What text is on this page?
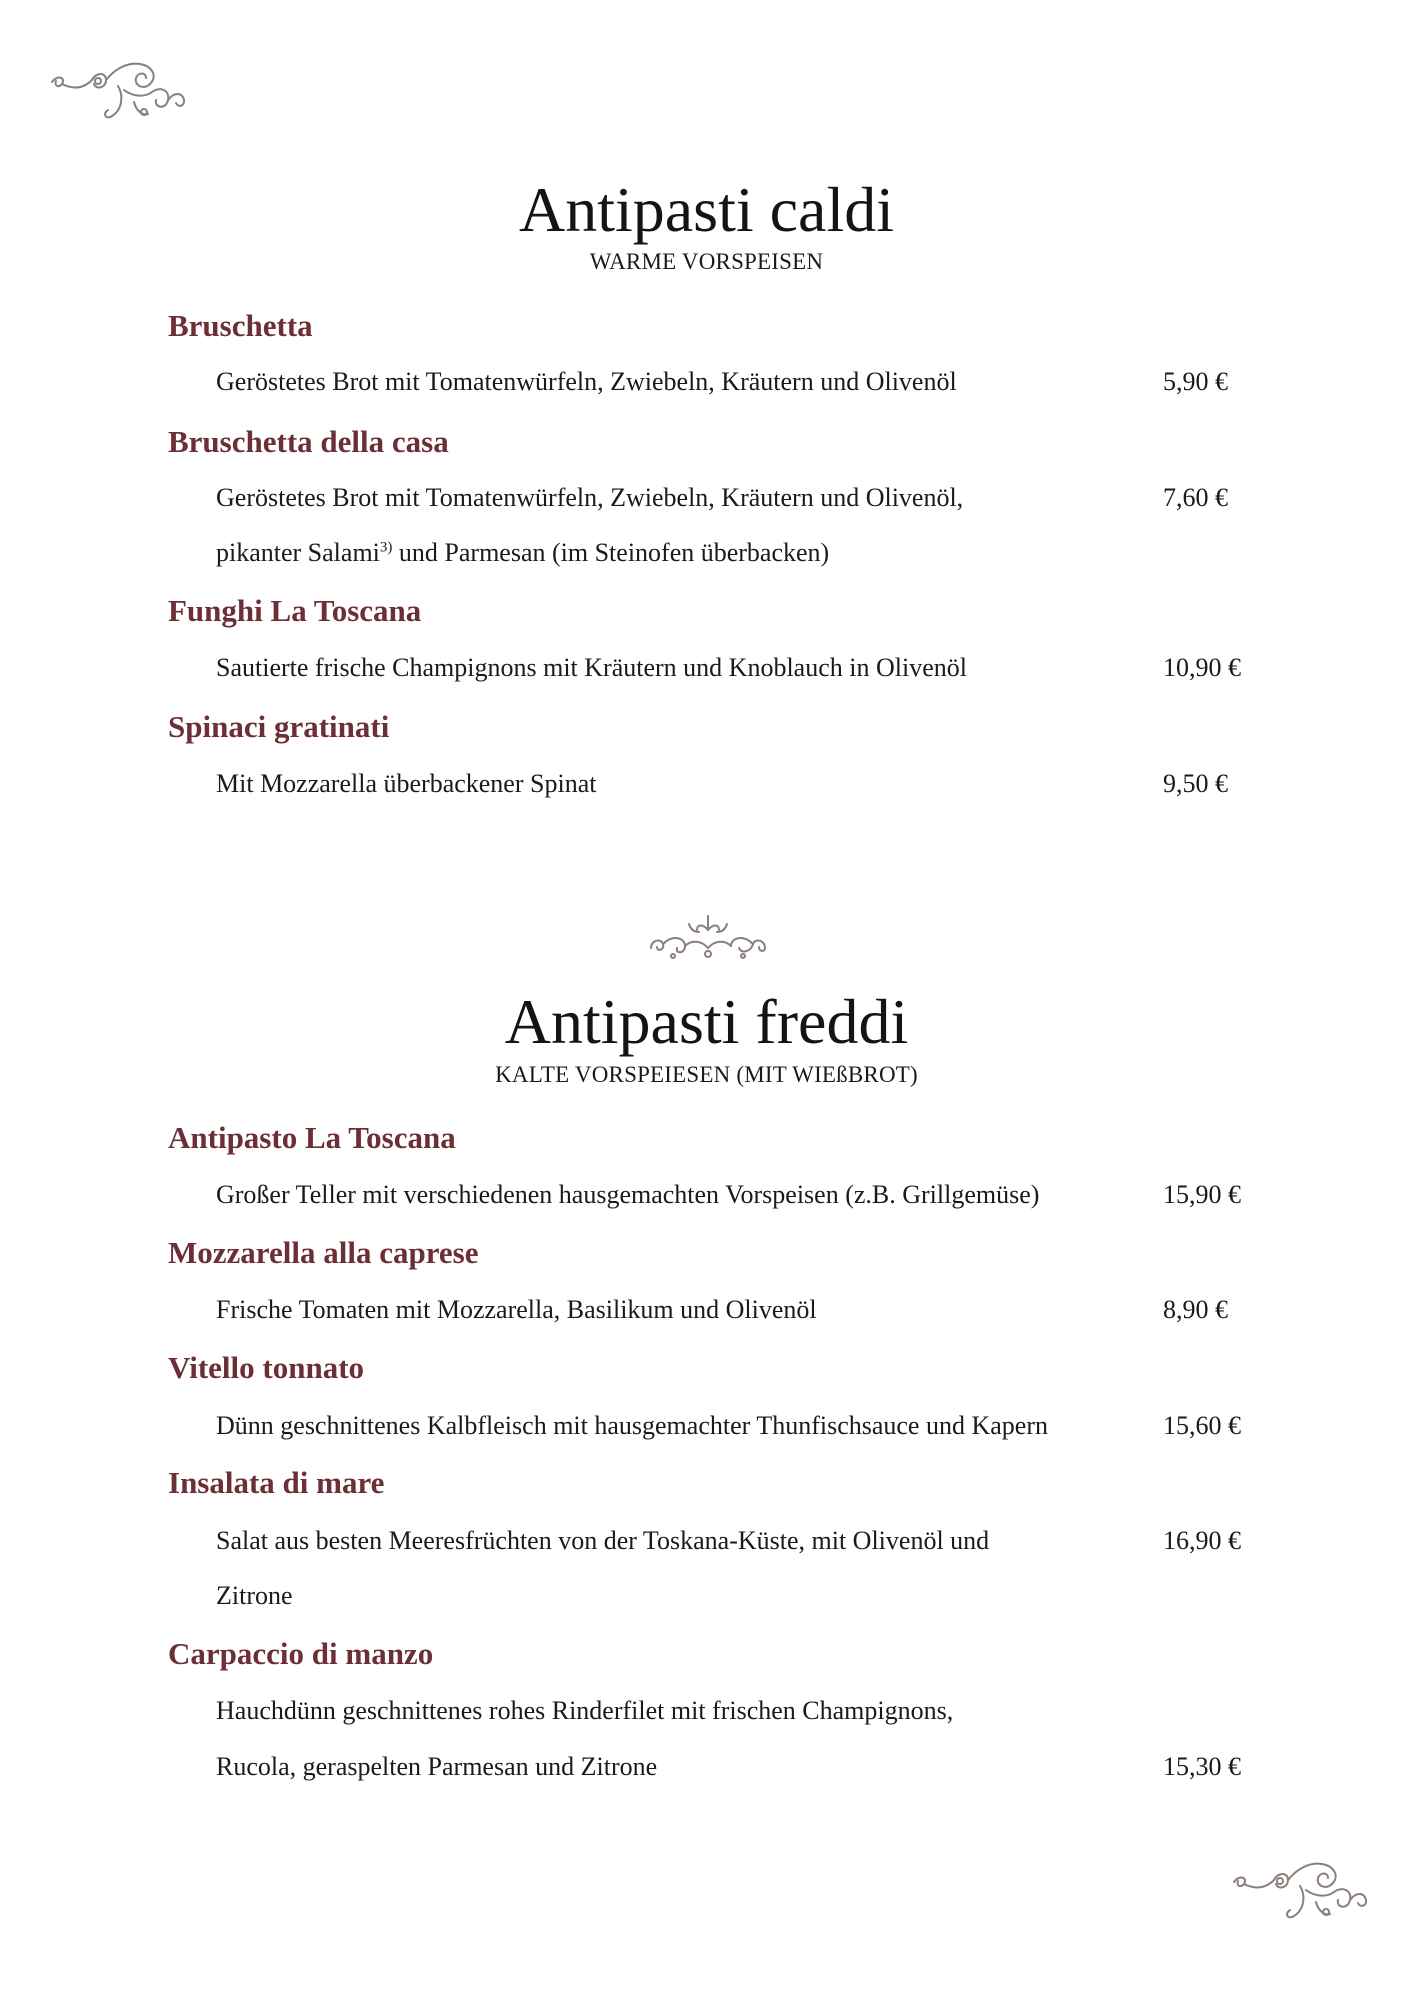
Antipasti caldi
WARME VORSPEISEN
Bruschetta
Geröstetes Brot mit Tomatenwürfeln, Zwiebeln, Kräutern und Olivenöl	5,90 €
Bruschetta della casa
Geröstetes Brot mit Tomatenwürfeln, Zwiebeln, Kräutern und Olivenöl,	7,60 €
pikanter Salami$^{3)}$ und Parmesan (im Steinofen überbacken)
Funghi La Toscana
Sautierte frische Champignons mit Kräutern und Knoblauch in Olivenöl	10,90 €
Spinaci gratinati
Mit Mozzarella überbackener Spinat	9,50 €
Antipasti freddi
KALTE VORSPEIESEN (MIT WIEßBROT)
Antipasto La Toscana
Großer Teller mit verschiedenen hausgemachten Vorspeisen (z.B. Grillgemüse)	15,90 €
Mozzarella alla caprese
Frische Tomaten mit Mozzarella, Basilikum und Olivenöl	8,90 €
Vitello tonnato
Dünn geschnittenes Kalbfleisch mit hausgemachter Thunfischsauce und Kapern	15,60 €
Insalata di mare
Salat aus besten Meeresfrüchten von der Toskana-Küste, mit Olivenöl und	16,90 €
Zitrone
Carpaccio di manzo
Hauchdünn geschnittenes rohes Rinderfilet mit frischen Champignons,
Rucola, geraspelten Parmesan und Zitrone	15,30 €
